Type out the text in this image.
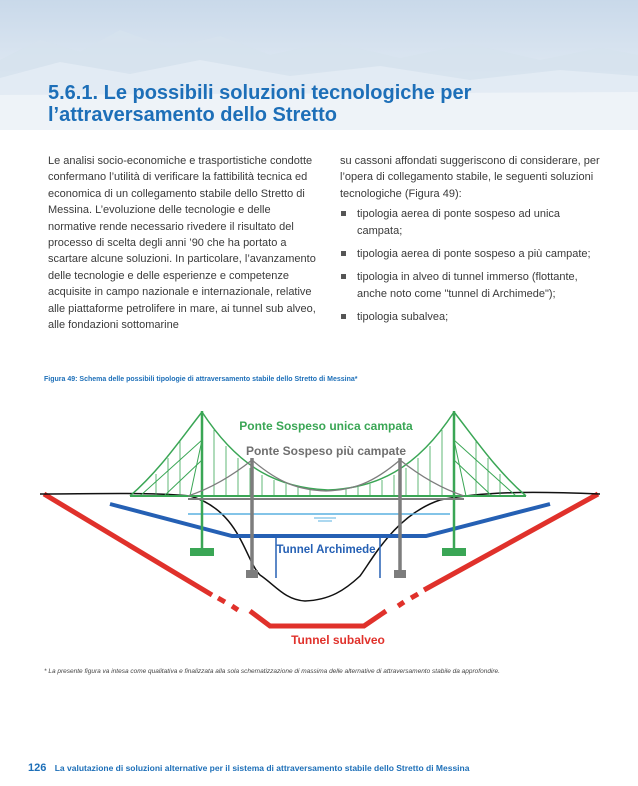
5.6.1. Le possibili soluzioni tecnologiche per l’attraversamento dello Stretto

Le analisi socio-economiche e trasportistiche condotte confermano l’utilità di verificare la fattibilità tecnica ed economica di un collegamento stabile dello Stretto di Messina. L’evoluzione delle tecnologie e delle normative rende necessario rivedere il risultato del processo di scelta degli anni ’90 che ha portato a scartare alcune soluzioni. In particolare, l’avanzamento delle tecnologie e delle esperienze e competenze acquisite in campo nazionale e internazionale, relative alle piattaforme petrolifere in mare, ai tunnel sub alveo, alle fondazioni sottomarine

su cassoni affondati suggeriscono di considerare, per l’opera di collegamento stabile, le seguenti soluzioni tecnologiche (Figura 49):

tipologia aerea di ponte sospeso ad unica campata;
tipologia aerea di ponte sospeso a più campate;
tipologia in alveo di tunnel immerso (flottante, anche noto come "tunnel di Archimede");
tipologia subalvea;
Figura 49: Schema delle possibili tipologie di attraversamento stabile dello Stretto di Messina*
Ponte Sospeso unica campata
Ponte Sospeso più campate
Tunnel Archimede
Tunnel subalveo
* La presente figura va intesa come qualitativa e finalizzata alla sola schematizzazione di massima delle alternative di attraversamento stabile da approfondire.
126 La valutazione di soluzioni alternative per il sistema di attraversamento stabile dello Stretto di Messina
